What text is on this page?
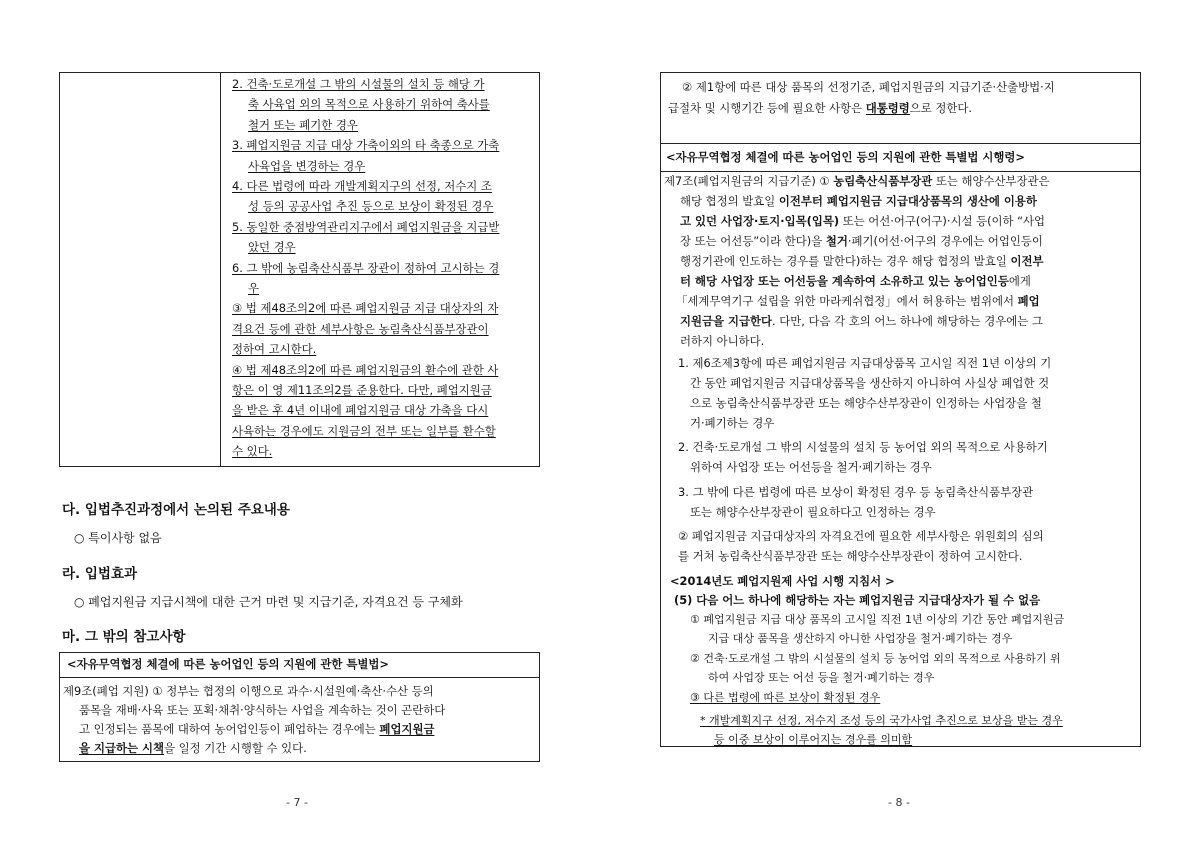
2. 건축·도로개설 그 밖의 시설물의 설치 등 해당 가
축 사육업 외의 목적으로 사용하기 위하여 축사를
철거 또는 폐기한 경우
3. 폐업지원금 지급 대상 가축이외의 타 축종으로 가축
사육업을 변경하는 경우
4. 다른 법령에 따라 개발계획지구의 선정, 저수지 조
성 등의 공공사업 추진 등으로 보상이 확정된 경우
5. 동일한 중점방역관리지구에서 폐업지원금을 지급받
았던 경우
6. 그 밖에 농림축산식품부 장관이 정하여 고시하는 경
우
③ 법 제48조의2에 따른 폐업지원금 지급 대상자의 자
격요건 등에 관한 세부사항은 농림축산식품부장관이
정하여 고시한다.
④ 법 제48조의2에 따른 폐업지원금의 환수에 관한 사
항은 이 영 제11조의2를 준용한다. 다만, 폐업지원금
을 받은 후 4년 이내에 폐업지원금 대상 가축을 다시
사육하는 경우에도 지원금의 전부 또는 일부를 환수할
수 있다.
다. 입법추진과정에서 논의된 주요내용
○ 특이사항 없음
라. 입법효과
○ 폐업지원금 지급시책에 대한 근거 마련 및 지급기준, 자격요건 등 구체화
마. 그 밖의 참고사항
<자유무역협정 체결에 따른 농어업인 등의 지원에 관한 특별법>
제9조(폐업 지원) ① 정부는 협정의 이행으로 과수·시설원예·축산·수산 등의
품목을 재배·사육 또는 포획·채취·양식하는 사업을 계속하는 것이 곤란하다
고 인정되는 품목에 대하여 농어업인등이 폐업하는 경우에는 폐업지원금
을 지급하는 시책을 일정 기간 시행할 수 있다.
- 7 -
② 제1항에 따른 대상 품목의 선정기준, 폐업지원금의 지급기준·산출방법·지
급절차 및 시행기간 등에 필요한 사항은 대통령령으로 정한다.
<자유무역협정 체결에 따른 농어업인 등의 지원에 관한 특별법 시행령>
제7조(폐업지원금의 지급기준) ① 농림축산식품부장관 또는 해양수산부장관은
해당 협정의 발효일 이전부터 폐업지원금 지급대상품목의 생산에 이용하
고 있던 사업장·토지·입목(입목) 또는 어선·어구(어구)·시설 등(이하 “사업
장 또는 어선등”이라 한다)을 철거·폐기(어선·어구의 경우에는 어업인등이
행정기관에 인도하는 경우를 말한다)하는 경우 해당 협정의 발효일 이전부
터 해당 사업장 또는 어선등을 계속하여 소유하고 있는 농어업인등에게
「세계무역기구 설립을 위한 마라케쉬협정」에서 허용하는 범위에서 폐업
지원금을 지급한다. 다만, 다음 각 호의 어느 하나에 해당하는 경우에는 그
러하지 아니하다.
1. 제6조제3항에 따른 폐업지원금 지급대상품목 고시일 직전 1년 이상의 기
간 동안 폐업지원금 지급대상품목을 생산하지 아니하여 사실상 폐업한 것
으로 농림축산식품부장관 또는 해양수산부장관이 인정하는 사업장을 철
거·폐기하는 경우
2. 건축·도로개설 그 밖의 시설물의 설치 등 농어업 외의 목적으로 사용하기
위하여 사업장 또는 어선등을 철거·폐기하는 경우
3. 그 밖에 다른 법령에 따른 보상이 확정된 경우 등 농림축산식품부장관
또는 해양수산부장관이 필요하다고 인정하는 경우
② 폐업지원금 지급대상자의 자격요건에 필요한 세부사항은 위원회의 심의
를 거쳐 농림축산식품부장관 또는 해양수산부장관이 정하여 고시한다.
<2014년도 폐업지원제 사업 시행 지침서 >
(5) 다음 어느 하나에 해당하는 자는 폐업지원금 지급대상자가 될 수 없음
① 폐업지원금 지급 대상 품목의 고시일 직전 1년 이상의 기간 동안 폐업지원금
지급 대상 품목을 생산하지 아니한 사업장을 철거·폐기하는 경우
② 건축·도로개설 그 밖의 시설물의 설치 등 농어업 외의 목적으로 사용하기 위
하여 사업장 또는 어선 등을 철거·폐기하는 경우
③ 다른 법령에 따른 보상이 확정된 경우
* 개발계획지구 선정, 저수지 조성 등의 국가사업 추진으로 보상을 받는 경우
등 이중 보상이 이루어지는 경우를 의미함
- 8 -
